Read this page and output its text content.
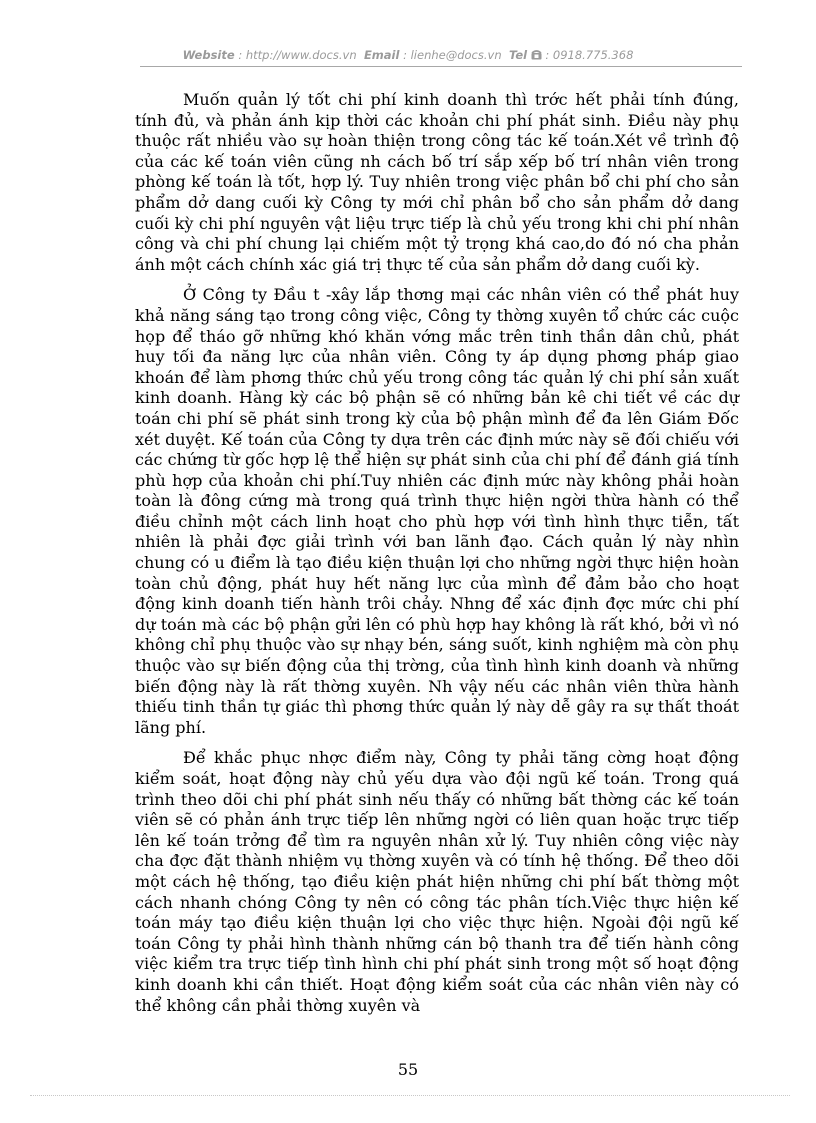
Website : http://www.docs.vn Email : lienhe@docs.vn Tel : 0918.775.368

Muốn quản lý tốt chi phí kinh doanh thì trớc hết phải tính đúng, tính đủ, và phản ánh kịp thời các khoản chi phí phát sinh. Điều này phụ thuộc rất nhiều vào sự hoàn thiện trong công tác kế toán.Xét về trình độ của các kế toán viên cũng nh cách bố trí sắp xếp bố trí nhân viên trong phòng kế toán là tốt, hợp lý. Tuy nhiên trong việc phân bổ chi phí cho sản phẩm dở dang cuối kỳ Công ty mới chỉ phân bổ cho sản phẩm dở dang cuối kỳ chi phí nguyên vật liệu trực tiếp là chủ yếu trong khi chi phí nhân công và chi phí chung lại chiếm một tỷ trọng khá cao,do đó nó cha phản ánh một cách chính xác giá trị thực tế của sản phẩm dở dang cuối kỳ.

Ở Công ty Đầu t -xây lắp thơng mại các nhân viên có thể phát huy khả năng sáng tạo trong công việc, Công ty thờng xuyên tổ chức các cuộc họp để tháo gỡ những khó khăn vớng mắc trên tinh thần dân chủ, phát huy tối đa năng lực của nhân viên. Công ty áp dụng phơng pháp giao khoán để làm phơng thức chủ yếu trong công tác quản lý chi phí sản xuất kinh doanh. Hàng kỳ các bộ phận sẽ có những bản kê chi tiết về các dự toán chi phí sẽ phát sinh trong kỳ của bộ phận mình để đa lên Giám Đốc xét duyệt. Kế toán của Công ty dựa trên các định mức này sẽ đối chiếu với các chứng từ gốc hợp lệ thể hiện sự phát sinh của chi phí để đánh giá tính phù hợp của khoản chi phí.Tuy nhiên các định mức này không phải hoàn toàn là đông cứng mà trong quá trình thực hiện ngời thừa hành có thể điều chỉnh một cách linh hoạt cho phù hợp với tình hình thực tiễn, tất nhiên là phải đợc giải trình với ban lãnh đạo. Cách quản lý này nhìn chung có u điểm là tạo điều kiện thuận lợi cho những ngời thực hiện hoàn toàn chủ động, phát huy hết năng lực của mình để đảm bảo cho hoạt động kinh doanh tiến hành trôi chảy. Nhng để xác định đợc mức chi phí dự toán mà các bộ phận gửi lên có phù hợp hay không là rất khó, bởi vì nó không chỉ phụ thuộc vào sự nhạy bén, sáng suốt, kinh nghiệm mà còn phụ thuộc vào sự biến động của thị trờng, của tình hình kinh doanh và những biến động này là rất thờng xuyên. Nh vậy nếu các nhân viên thừa hành thiếu tinh thần tự giác thì phơng thức quản lý này dễ gây ra sự thất thoát lãng phí.

Để khắc phục nhợc điểm này, Công ty phải tăng cờng hoạt động kiểm soát, hoạt động này chủ yếu dựa vào đội ngũ kế toán. Trong quá trình theo dõi chi phí phát sinh nếu thấy có những bất thờng các kế toán viên sẽ có phản ánh trực tiếp lên những ngời có liên quan hoặc trực tiếp lên kế toán trởng để tìm ra nguyên nhân xử lý. Tuy nhiên công việc này cha đợc đặt thành nhiệm vụ thờng xuyên và có tính hệ thống. Để theo dõi một cách hệ thống, tạo điều kiện phát hiện những chi phí bất thờng một cách nhanh chóng Công ty nên có công tác phân tích.Việc thực hiện kế toán máy tạo điều kiện thuận lợi cho việc thực hiện. Ngoài đội ngũ kế toán Công ty phải hình thành những cán bộ thanh tra để tiến hành công việc kiểm tra trực tiếp tình hình chi phí phát sinh trong một số hoạt động kinh doanh khi cần thiết. Hoạt động kiểm soát của các nhân viên này có thể không cần phải thờng xuyên và

55
